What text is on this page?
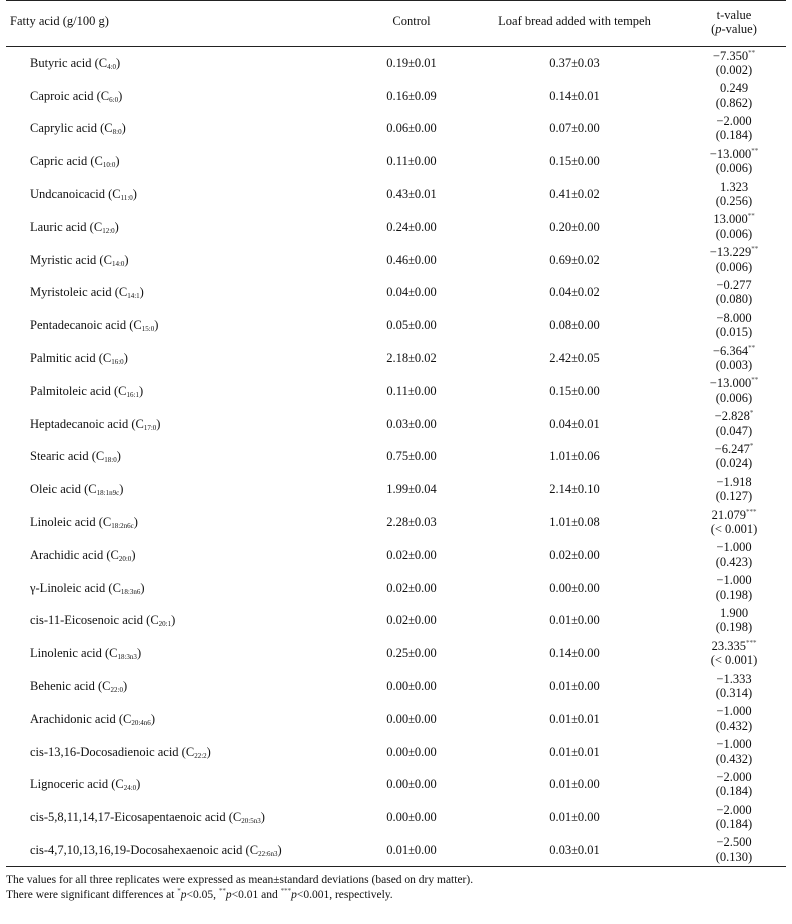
Fatty acid (g/100 g)	Control	Loaf bread added with tempeh	t-value
(p-value)
Butyric acid $(C_{4:0})$	0.19±0.01	0.37±0.03	−7.350**
(0.002)
Caproic acid $(C_{6:0})$	0.16±0.09	0.14±0.01	0.249
(0.862)
Caprylic acid $(C_{8:0})$	0.06±0.00	0.07±0.00	−2.000
(0.184)
Capric acid $(C_{10:0})$	0.11±0.00	0.15±0.00	−13.000**
(0.006)
Undcanoicacid $(C_{11:0})$	0.43±0.01	0.41±0.02	1.323
(0.256)
Lauric acid $(C_{12:0})$	0.24±0.00	0.20±0.00	13.000**
(0.006)
Myristic acid $(C_{14:0})$	0.46±0.00	0.69±0.02	−13.229**
(0.006)
Myristoleic acid $(C_{14:1})$	0.04±0.00	0.04±0.02	−0.277
(0.080)
Pentadecanoic acid $(C_{15:0})$	0.05±0.00	0.08±0.00	−8.000
(0.015)
Palmitic acid $(C_{16:0})$	2.18±0.02	2.42±0.05	−6.364**
(0.003)
Palmitoleic acid $(C_{16:1})$	0.11±0.00	0.15±0.00	−13.000**
(0.006)
Heptadecanoic acid $(C_{17:0})$	0.03±0.00	0.04±0.01	−2.828*
(0.047)
Stearic acid $(C_{18:0})$	0.75±0.00	1.01±0.06	−6.247*
(0.024)
Oleic acid $(C_{18:1n9c})$	1.99±0.04	2.14±0.10	−1.918
(0.127)
Linoleic acid $(C_{18:2n6c})$	2.28±0.03	1.01±0.08	21.079***
(< 0.001)
Arachidic acid $(C_{20:0})$	0.02±0.00	0.02±0.00	−1.000
(0.423)
γ-Linoleic acid $(C_{18:3n6})$	0.02±0.00	0.00±0.00	−1.000
(0.198)
cis-11-Eicosenoic acid $(C_{20:1})$	0.02±0.00	0.01±0.00	1.900
(0.198)
Linolenic acid $(C_{18:3n3})$	0.25±0.00	0.14±0.00	23.335***
(< 0.001)
Behenic acid $(C_{22:0})$	0.00±0.00	0.01±0.00	−1.333
(0.314)
Arachidonic acid $(C_{20:4n6})$	0.00±0.00	0.01±0.01	−1.000
(0.432)
cis-13,16-Docosadienoic acid $(C_{22:2})$	0.00±0.00	0.01±0.01	−1.000
(0.432)
Lignoceric acid $(C_{24:0})$	0.00±0.00	0.01±0.00	−2.000
(0.184)
cis-5,8,11,14,17-Eicosapentaenoic acid $(C_{20:5n3})$	0.00±0.00	0.01±0.00	−2.000
(0.184)
cis-4,7,10,13,16,19-Docosahexaenoic acid $(C_{22:6n3})$	0.01±0.00	0.03±0.01	−2.500
(0.130)
The values for all three replicates were expressed as mean±standard deviations (based on dry matter).
There were significant differences at *p<0.05, **p<0.01 and ***p<0.001, respectively.
